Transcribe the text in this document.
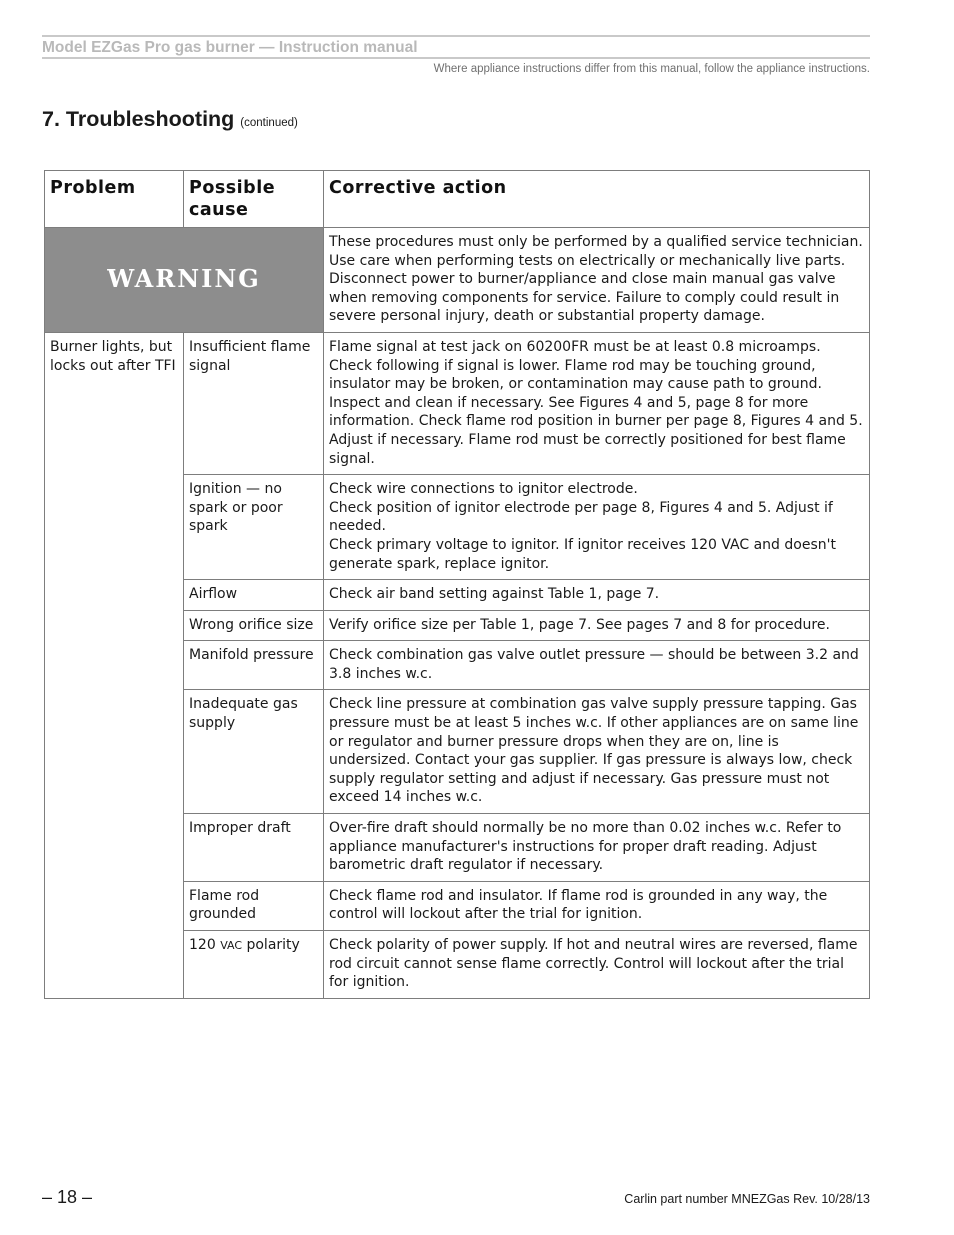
Model EZGas Pro gas burner — Instruction manual
Where appliance instructions differ from this manual, follow the appliance instructions.
7. Troubleshooting (continued)
Problem	Possible cause	Corrective action
WARNING		These procedures must only be performed by a qualified service technician. Use care when performing tests on electrically or mechanically live parts. Disconnect power to burner/appliance and close main manual gas valve when removing components for service. Failure to comply could result in severe personal injury, death or substantial property damage.
Burner lights, but locks out after TFI	Insufficient flame signal	Flame signal at test jack on 60200FR must be at least 0.8 microamps. Check following if signal is lower. Flame rod may be touching ground, insulator may be broken, or contamination may cause path to ground. Inspect and clean if necessary. See Figures 4 and 5, page 8 for more information. Check flame rod position in burner per page 8, Figures 4 and 5. Adjust if necessary. Flame rod must be correctly positioned for best flame signal.
	Ignition — no spark or poor spark	Check wire connections to ignitor electrode.
Check position of ignitor electrode per page 8, Figures 4 and 5. Adjust if needed.
Check primary voltage to ignitor. If ignitor receives 120 VAC and doesn't generate spark, replace ignitor.

	Airflow	Check air band setting against Table 1, page 7.
	Wrong orifice size	Verify orifice size per Table 1, page 7. See pages 7 and 8 for procedure.
	Manifold pressure	Check combination gas valve outlet pressure — should be between 3.2 and 3.8 inches w.c.
	Inadequate gas supply	Check line pressure at combination gas valve supply pressure tapping. Gas pressure must be at least 5 inches w.c. If other appliances are on same line or regulator and burner pressure drops when they are on, line is undersized. Contact your gas supplier. If gas pressure is always low, check supply regulator setting and adjust if necessary. Gas pressure must not exceed 14 inches w.c.
	Improper draft	Over-fire draft should normally be no more than 0.02 inches w.c. Refer to appliance manufacturer's instructions for proper draft reading. Adjust barometric draft regulator if necessary.
	Flame rod grounded	Check flame rod and insulator. If flame rod is grounded in any way, the control will lockout after the trial for ignition.
	120 VAC polarity	Check polarity of power supply. If hot and neutral wires are reversed, flame rod circuit cannot sense flame correctly. Control will lockout after the trial for ignition.
– 18 –	Carlin part number MNEZGas Rev. 10/28/13
